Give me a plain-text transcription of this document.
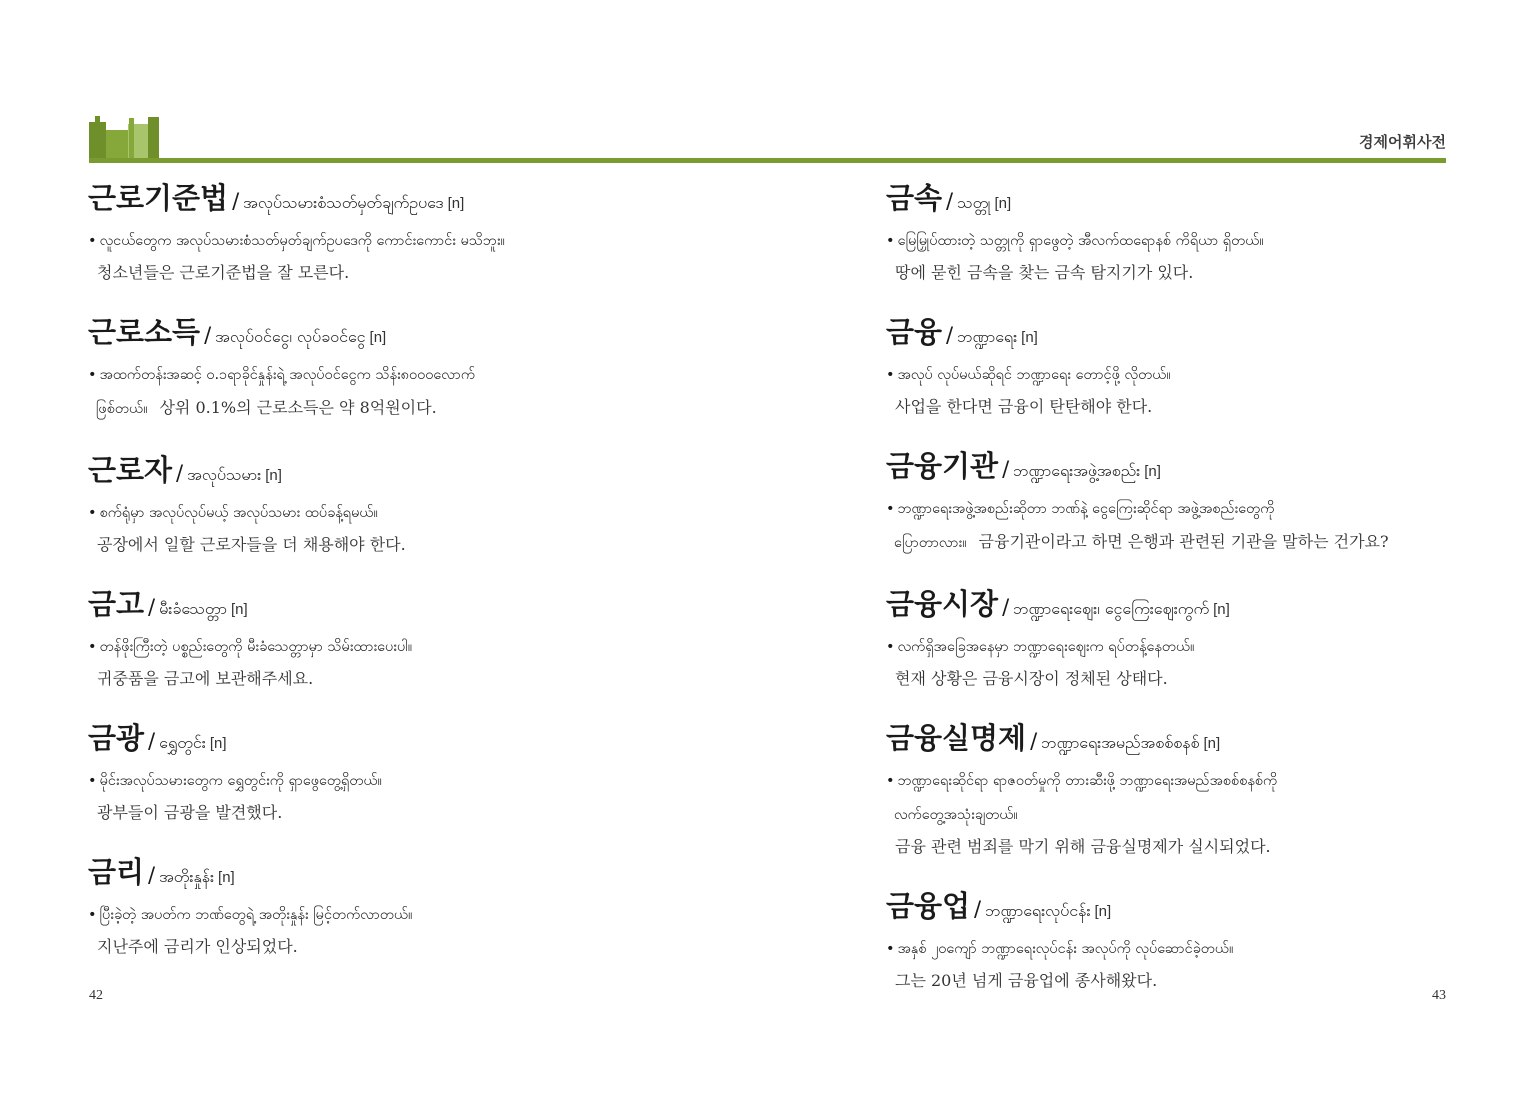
경제어휘사전
근로기준법 / အလုပ်သမားစံသတ်မှတ်ချက်ဥပဒေ [n]
• လူငယ်တွေက အလုပ်သမားစံသတ်မှတ်ချက်ဥပဒေကို ကောင်းကောင်း မသိဘူး။
청소년들은 근로기준법을 잘 모른다.
근로소득 / အလုပ်ဝင်ငွေ၊ လုပ်ခဝင်ငွေ [n]
• အထက်တန်းအဆင့် ၀.၁ရာခိုင်နှုန်းရဲ့ အလုပ်ဝင်ငွေက သိန်း၈၀၀၀လောက်
ဖြစ်တယ်။ 상위 0.1%의 근로소득은 약 8억원이다.
근로자 / အလုပ်သမား [n]
• စက်ရုံမှာ အလုပ်လုပ်မယ့် အလုပ်သမား ထပ်ခန့်ရမယ်။
공장에서 일할 근로자들을 더 채용해야 한다.
금고 / မီးခံသေတ္တာ [n]
• တန်ဖိုးကြီးတဲ့ ပစ္စည်းတွေကို မီးခံသေတ္တာမှာ သိမ်းထားပေးပါ။
귀중품을 금고에 보관해주세요.
금광 / ရွှေတွင်း [n]
• မိုင်းအလုပ်သမားတွေက ရွှေတွင်းကို ရှာဖွေတွေ့ရှိတယ်။
광부들이 금광을 발견했다.
금리 / အတိုးနှုန်း [n]
• ပြီးခဲ့တဲ့ အပတ်က ဘဏ်တွေရဲ့ အတိုးနှုန်း မြင့်တက်လာတယ်။
지난주에 금리가 인상되었다.
금속 / သတ္တု [n]
• မြေမြှုပ်ထားတဲ့ သတ္တုကို ရှာဖွေတဲ့ အီလက်ထရောနစ် ကိရိယာ ရှိတယ်။
땅에 묻힌 금속을 찾는 금속 탐지기가 있다.
금융 / ဘဏ္ဍာရေး [n]
• အလုပ် လုပ်မယ်ဆိုရင် ဘဏ္ဍာရေး တောင့်ဖို့ လိုတယ်။
사업을 한다면 금융이 탄탄해야 한다.
금융기관 / ဘဏ္ဍာရေးအဖွဲ့အစည်း [n]
• ဘဏ္ဍာရေးအဖွဲ့အစည်းဆိုတာ ဘဏ်နဲ့ ငွေကြေးဆိုင်ရာ အဖွဲ့အစည်းတွေကို
ပြောတာလား။ 금융기관이라고 하면 은행과 관련된 기관을 말하는 건가요?
금융시장 / ဘဏ္ဍာရေးဈေး၊ ငွေကြေးဈေးကွက် [n]
• လက်ရှိအခြေအနေမှာ ဘဏ္ဍာရေးဈေးက ရပ်တန့်နေတယ်။
현재 상황은 금융시장이 정체된 상태다.
금융실명제 / ဘဏ္ဍာရေးအမည်အစစ်စနစ် [n]
• ဘဏ္ဍာရေးဆိုင်ရာ ရာဇဝတ်မှုကို တားဆီးဖို့ ဘဏ္ဍာရေးအမည်အစစ်စနစ်ကို
လက်တွေ့အသုံးချတယ်။
금융 관련 범죄를 막기 위해 금융실명제가 실시되었다.
금융업 / ဘဏ္ဍာရေးလုပ်ငန်း [n]
• အနှစ် ၂၀ကျော် ဘဏ္ဍာရေးလုပ်ငန်း အလုပ်ကို လုပ်ဆောင်ခဲ့တယ်။
그는 20년 넘게 금융업에 종사해왔다.
42	43
